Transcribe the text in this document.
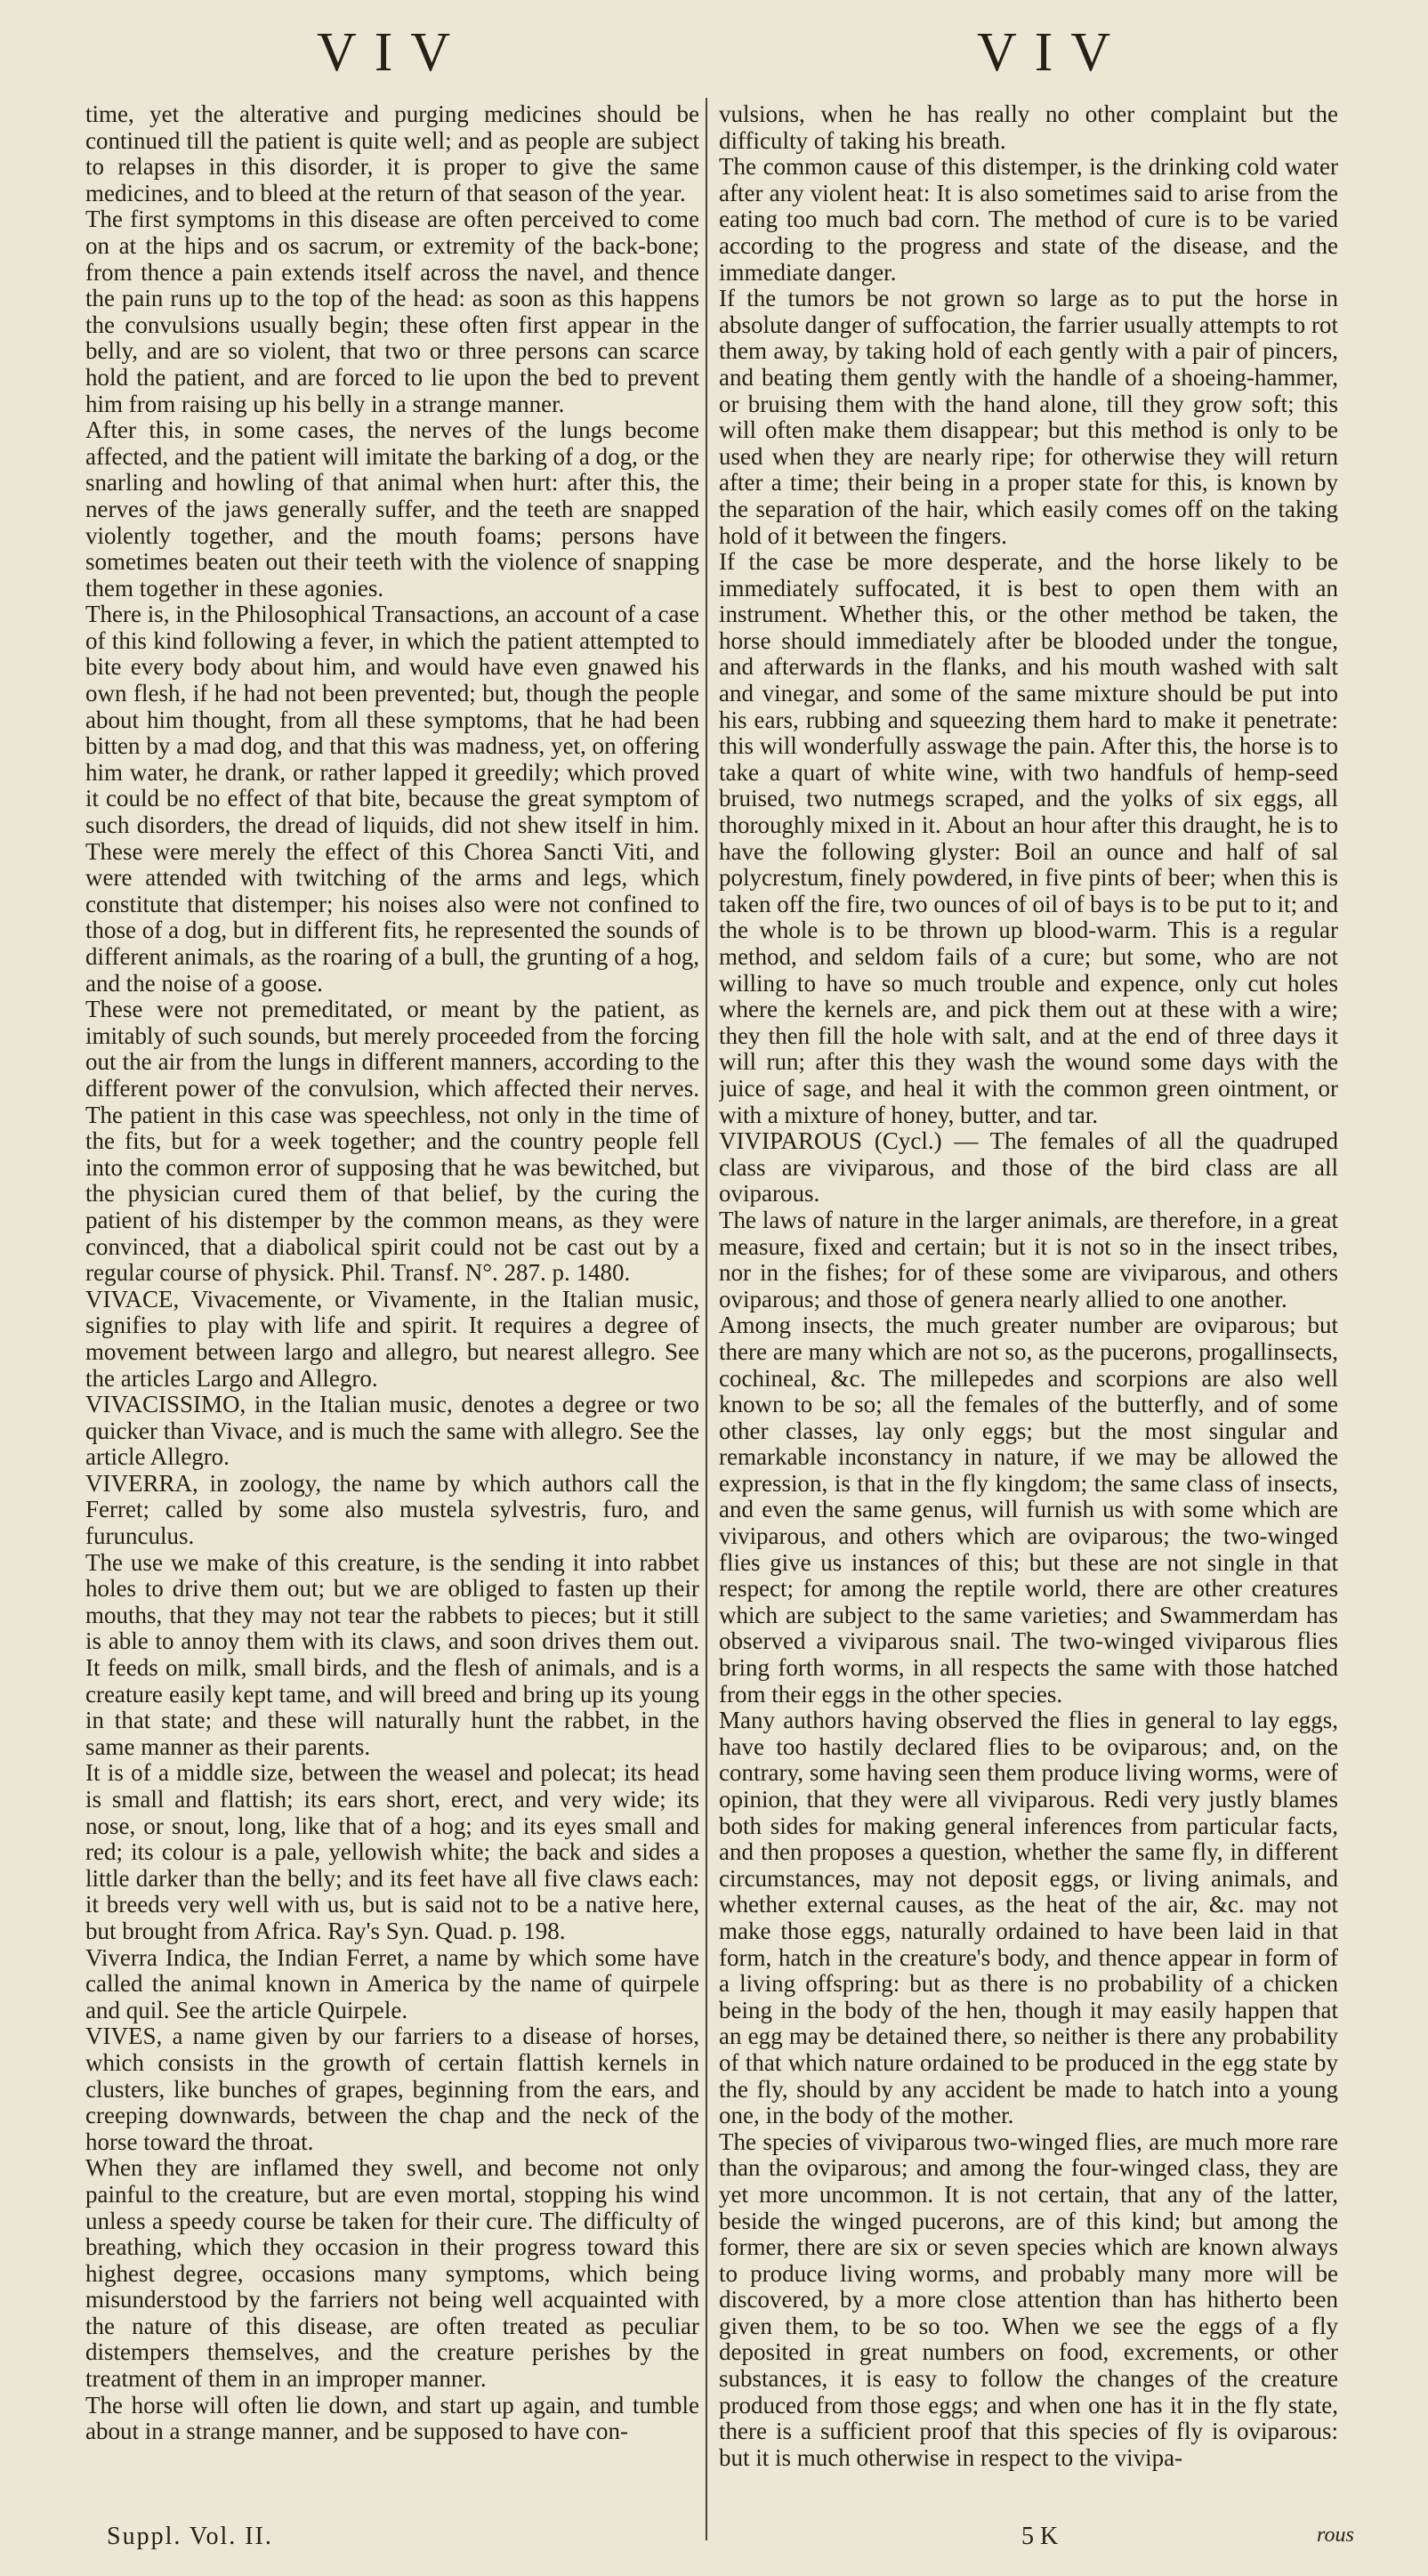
VIV	VIV

time, yet the alterative and purging medicines should be continued till the patient is quite well; and as people are subject to relapses in this disorder, it is proper to give the same medicines, and to bleed at the return of that season of the year.

The first symptoms in this disease are often perceived to come on at the hips and os sacrum, or extremity of the back-bone; from thence a pain extends itself across the navel, and thence the pain runs up to the top of the head: as soon as this happens the convulsions usually begin; these often first appear in the belly, and are so violent, that two or three persons can scarce hold the patient, and are forced to lie upon the bed to prevent him from raising up his belly in a strange manner.

After this, in some cases, the nerves of the lungs become affected, and the patient will imitate the barking of a dog, or the snarling and howling of that animal when hurt: after this, the nerves of the jaws generally suffer, and the teeth are snapped violently together, and the mouth foams; persons have sometimes beaten out their teeth with the violence of snapping them together in these agonies.

There is, in the Philosophical Transactions, an account of a case of this kind following a fever, in which the patient attempted to bite every body about him, and would have even gnawed his own flesh, if he had not been prevented; but, though the people about him thought, from all these symptoms, that he had been bitten by a mad dog, and that this was madness, yet, on offering him water, he drank, or rather lapped it greedily; which proved it could be no effect of that bite, because the great symptom of such disorders, the dread of liquids, did not shew itself in him. These were merely the effect of this Chorea Sancti Viti, and were attended with twitching of the arms and legs, which constitute that distemper; his noises also were not confined to those of a dog, but in different fits, he represented the sounds of different animals, as the roaring of a bull, the grunting of a hog, and the noise of a goose.

These were not premeditated, or meant by the patient, as imitably of such sounds, but merely proceeded from the forcing out the air from the lungs in different manners, according to the different power of the convulsion, which affected their nerves. The patient in this case was speechless, not only in the time of the fits, but for a week together; and the country people fell into the common error of supposing that he was bewitched, but the physician cured them of that belief, by the curing the patient of his distemper by the common means, as they were convinced, that a diabolical spirit could not be cast out by a regular course of physick. Phil. Transf. N°. 287. p. 1480.

VIVACE, Vivacemente, or Vivamente, in the Italian music, signifies to play with life and spirit. It requires a degree of movement between largo and allegro, but nearest allegro. See the articles Largo and Allegro.

VIVACISSIMO, in the Italian music, denotes a degree or two quicker than Vivace, and is much the same with allegro. See the article Allegro.

VIVERRA, in zoology, the name by which authors call the Ferret; called by some also mustela sylvestris, furo, and furunculus.

The use we make of this creature, is the sending it into rabbet holes to drive them out; but we are obliged to fasten up their mouths, that they may not tear the rabbets to pieces; but it still is able to annoy them with its claws, and soon drives them out. It feeds on milk, small birds, and the flesh of animals, and is a creature easily kept tame, and will breed and bring up its young in that state; and these will naturally hunt the rabbet, in the same manner as their parents.

It is of a middle size, between the weasel and polecat; its head is small and flattish; its ears short, erect, and very wide; its nose, or snout, long, like that of a hog; and its eyes small and red; its colour is a pale, yellowish white; the back and sides a little darker than the belly; and its feet have all five claws each: it breeds very well with us, but is said not to be a native here, but brought from Africa. Ray's Syn. Quad. p. 198.

Viverra Indica, the Indian Ferret, a name by which some have called the animal known in America by the name of quirpele and quil. See the article Quirpele.

VIVES, a name given by our farriers to a disease of horses, which consists in the growth of certain flattish kernels in clusters, like bunches of grapes, beginning from the ears, and creeping downwards, between the chap and the neck of the horse toward the throat.

When they are inflamed they swell, and become not only painful to the creature, but are even mortal, stopping his wind unless a speedy course be taken for their cure. The difficulty of breathing, which they occasion in their progress toward this highest degree, occasions many symptoms, which being misunderstood by the farriers not being well acquainted with the nature of this disease, are often treated as peculiar distempers themselves, and the creature perishes by the treatment of them in an improper manner.

The horse will often lie down, and start up again, and tumble about in a strange manner, and be supposed to have con-

vulsions, when he has really no other complaint but the difficulty of taking his breath.

The common cause of this distemper, is the drinking cold water after any violent heat: It is also sometimes said to arise from the eating too much bad corn. The method of cure is to be varied according to the progress and state of the disease, and the immediate danger.

If the tumors be not grown so large as to put the horse in absolute danger of suffocation, the farrier usually attempts to rot them away, by taking hold of each gently with a pair of pincers, and beating them gently with the handle of a shoeing-hammer, or bruising them with the hand alone, till they grow soft; this will often make them disappear; but this method is only to be used when they are nearly ripe; for otherwise they will return after a time; their being in a proper state for this, is known by the separation of the hair, which easily comes off on the taking hold of it between the fingers.

If the case be more desperate, and the horse likely to be immediately suffocated, it is best to open them with an instrument. Whether this, or the other method be taken, the horse should immediately after be blooded under the tongue, and afterwards in the flanks, and his mouth washed with salt and vinegar, and some of the same mixture should be put into his ears, rubbing and squeezing them hard to make it penetrate: this will wonderfully asswage the pain. After this, the horse is to take a quart of white wine, with two handfuls of hemp-seed bruised, two nutmegs scraped, and the yolks of six eggs, all thoroughly mixed in it. About an hour after this draught, he is to have the following glyster: Boil an ounce and half of sal polycrestum, finely powdered, in five pints of beer; when this is taken off the fire, two ounces of oil of bays is to be put to it; and the whole is to be thrown up blood-warm. This is a regular method, and seldom fails of a cure; but some, who are not willing to have so much trouble and expence, only cut holes where the kernels are, and pick them out at these with a wire; they then fill the hole with salt, and at the end of three days it will run; after this they wash the wound some days with the juice of sage, and heal it with the common green ointment, or with a mixture of honey, butter, and tar.

VIVIPAROUS (Cycl.) — The females of all the quadruped class are viviparous, and those of the bird class are all oviparous.

The laws of nature in the larger animals, are therefore, in a great measure, fixed and certain; but it is not so in the insect tribes, nor in the fishes; for of these some are viviparous, and others oviparous; and those of genera nearly allied to one another.

Among insects, the much greater number are oviparous; but there are many which are not so, as the pucerons, progallinsects, cochineal, &c. The millepedes and scorpions are also well known to be so; all the females of the butterfly, and of some other classes, lay only eggs; but the most singular and remarkable inconstancy in nature, if we may be allowed the expression, is that in the fly kingdom; the same class of insects, and even the same genus, will furnish us with some which are viviparous, and others which are oviparous; the two-winged flies give us instances of this; but these are not single in that respect; for among the reptile world, there are other creatures which are subject to the same varieties; and Swammerdam has observed a viviparous snail. The two-winged viviparous flies bring forth worms, in all respects the same with those hatched from their eggs in the other species.

Many authors having observed the flies in general to lay eggs, have too hastily declared flies to be oviparous; and, on the contrary, some having seen them produce living worms, were of opinion, that they were all viviparous. Redi very justly blames both sides for making general inferences from particular facts, and then proposes a question, whether the same fly, in different circumstances, may not deposit eggs, or living animals, and whether external causes, as the heat of the air, &c. may not make those eggs, naturally ordained to have been laid in that form, hatch in the creature's body, and thence appear in form of a living offspring: but as there is no probability of a chicken being in the body of the hen, though it may easily happen that an egg may be detained there, so neither is there any probability of that which nature ordained to be produced in the egg state by the fly, should by any accident be made to hatch into a young one, in the body of the mother.

The species of viviparous two-winged flies, are much more rare than the oviparous; and among the four-winged class, they are yet more uncommon. It is not certain, that any of the latter, beside the winged pucerons, are of this kind; but among the former, there are six or seven species which are known always to produce living worms, and probably many more will be discovered, by a more close attention than has hitherto been given them, to be so too. When we see the eggs of a fly deposited in great numbers on food, excrements, or other substances, it is easy to follow the changes of the creature produced from those eggs; and when one has it in the fly state, there is a sufficient proof that this species of fly is oviparous: but it is much otherwise in respect to the vivipa-

Suppl. Vol. II.	5 K	rous
